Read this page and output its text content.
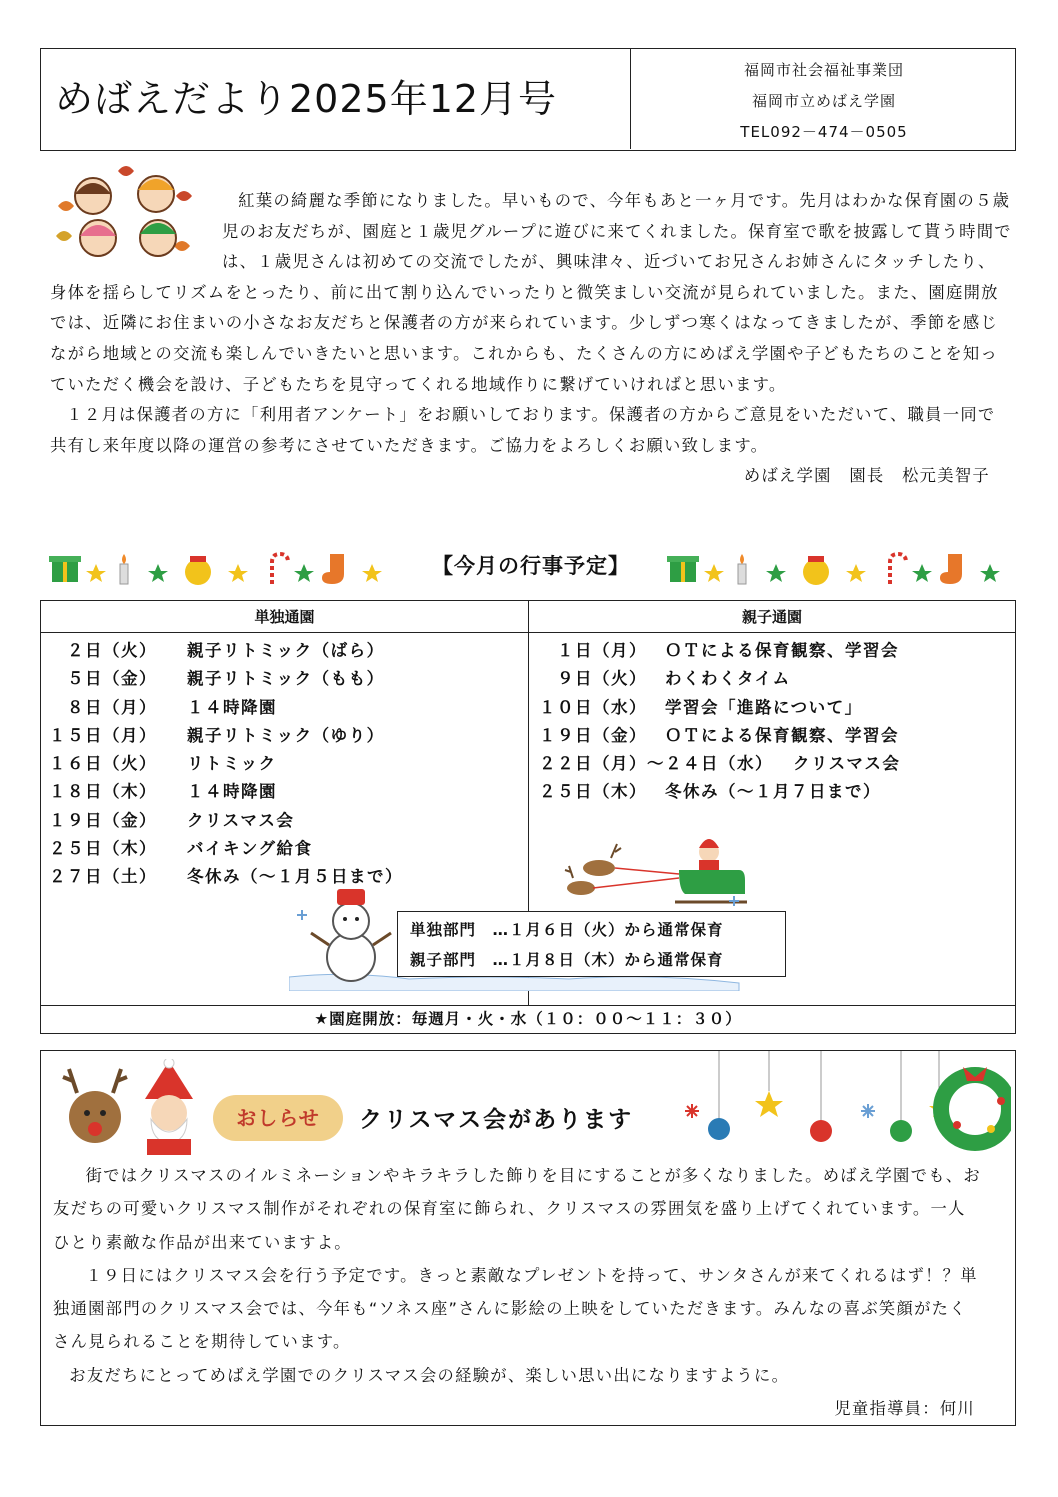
めばえだより2025年12月号
福岡市社会福祉事業団
福岡市立めばえ学園
TEL092－474－0505

紅葉の綺麗な季節になりました。早いもので、今年もあと一ヶ月です。先月はわかな保育園の５歳児のお友だちが、園庭と１歳児グループに遊びに来てくれました。保育室で歌を披露して貰う時間では、１歳児さんは初めての交流でしたが、興味津々、近づいてお兄さんお姉さんにタッチしたり、身体を揺らしてリズムをとったり、前に出て割り込んでいったりと微笑ましい交流が見られていました。また、園庭開放では、近隣にお住まいの小さなお友だちと保護者の方が来られています。少しずつ寒くはなってきましたが、季節を感じながら地域との交流も楽しんでいきたいと思います。これからも、たくさんの方にめばえ学園や子どもたちのことを知っていただく機会を設け、子どもたちを見守ってくれる地域作りに繋げていければと思います。

１２月は保護者の方に「利用者アンケート」をお願いしております。保護者の方からご意見をいただいて、職員一同で共有し来年度以降の運営の参考にさせていただきます。ご協力をよろしくお願い致します。

めばえ学園　園長　松元美智子

【今月の行事予定】
単独通園	親子通園
　２日（火） 親子リトミック（ばら）
　５日（金） 親子リトミック（もも）
　８日（月） １４時降園
１５日（月） 親子リトミック（ゆり）
１６日（火） リトミック
１８日（木） １４時降園
１９日（金） クリスマス会
２５日（木） バイキング給食
２７日（土） 冬休み（～１月５日まで）
　１日（月） ＯＴによる保育観察、学習会
　９日（火） わくわくタイム
１０日（水） 学習会「進路について」
１９日（金） ＯＴによる保育観察、学習会
２２日（月）～２４日（水） クリスマス会
２５日（木） 冬休み（～１月７日まで）
単独部門　…１月６日（火）から通常保育
親子部門　…１月８日（木）から通常保育
★園庭開放：毎週月・火・水（１０：００～１１：３０）
おしらせ	クリスマス会があります

街ではクリスマスのイルミネーションやキラキラした飾りを目にすることが多くなりました。めばえ学園でも、お友だちの可愛いクリスマス制作がそれぞれの保育室に飾られ、クリスマスの雰囲気を盛り上げてくれています。一人ひとり素敵な作品が出来ていますよ。

１９日にはクリスマス会を行う予定です。きっと素敵なプレゼントを持って、サンタさんが来てくれるはず！？単独通園部門のクリスマス会では、今年も“ソネス座”さんに影絵の上映をしていただきます。みんなの喜ぶ笑顔がたくさん見られることを期待しています。

お友だちにとってめばえ学園でのクリスマス会の経験が、楽しい思い出になりますように。

児童指導員：何川
